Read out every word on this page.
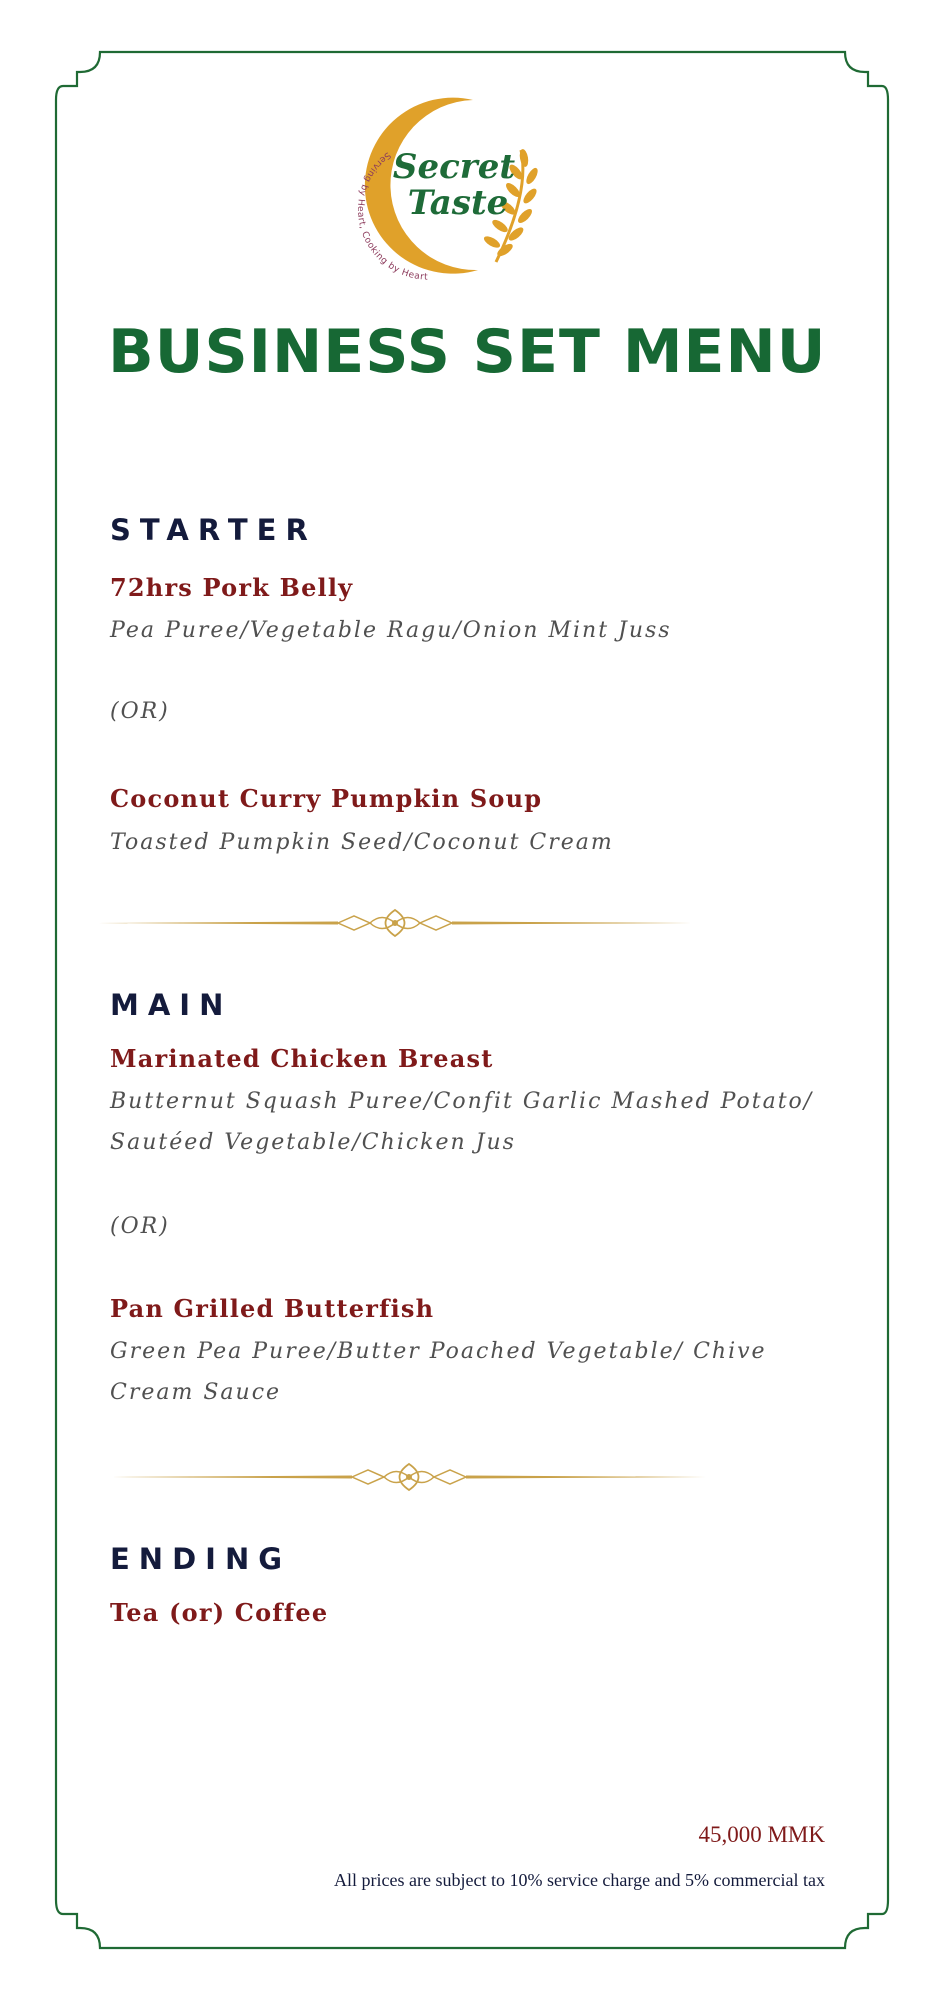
Serving b , Cooking by Heart
Secret
Taste
BUSINESS SET MENU
STARTER

72hrs Pork Belly

Pea Puree/Vegetable Ragu/Onion Mint Juss

(OR)

Coconut Curry Pumpkin Soup

Toasted Pumpkin Seed/Coconut Cream

MAIN

Marinated Chicken Breast

Butternut Squash Puree/Confit Garlic Mashed Potato/

Sautéed Vegetable/Chicken Jus

(OR)

Pan Grilled Butterfish

Green Pea Puree/Butter Poached Vegetable/ Chive

Cream Sauce

ENDING

Tea (or) Coffee

45,000 MMK

All prices are subject to 10% service charge and 5% commercial tax
